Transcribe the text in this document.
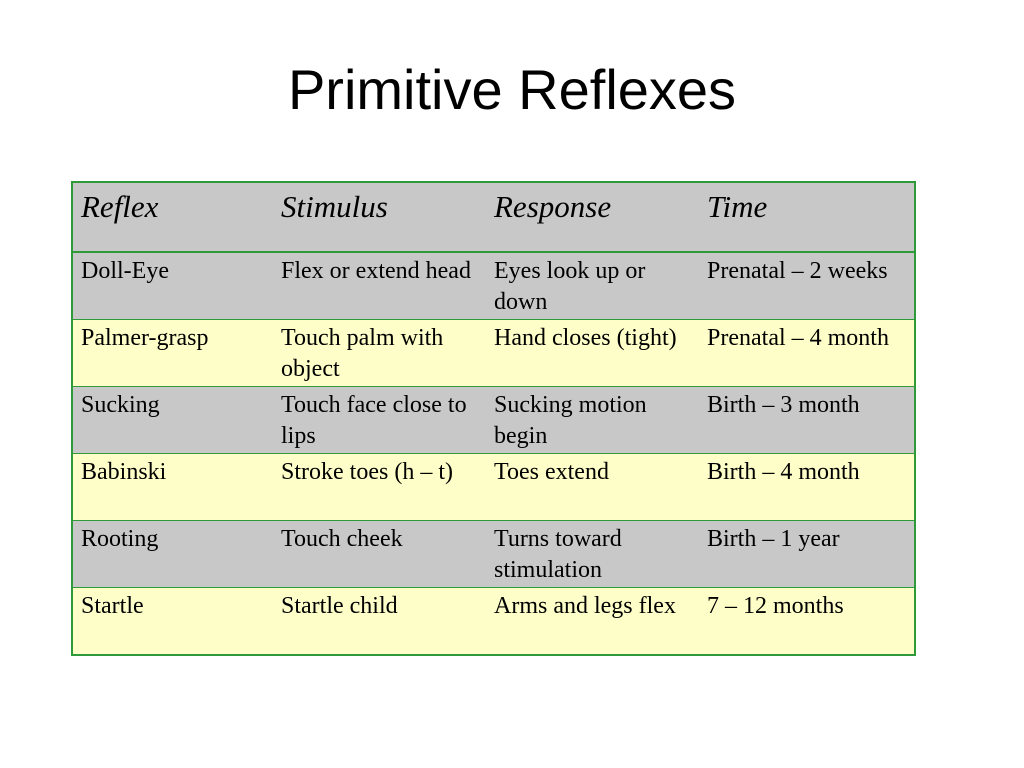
Primitive Reflexes
Reflex	Stimulus	Response	Time
Doll-Eye	Flex or extend head	Eyes look up or down	Prenatal – 2 weeks
Palmer-grasp	Touch palm with object	Hand closes (tight)	Prenatal – 4 month
Sucking	Touch face close to lips	Sucking motion begin	Birth – 3 month
Babinski	Stroke toes (h – t)	Toes extend	Birth – 4 month
Rooting	Touch cheek	Turns toward stimulation	Birth – 1 year
Startle	Startle child	Arms and legs flex	7 – 12 months
